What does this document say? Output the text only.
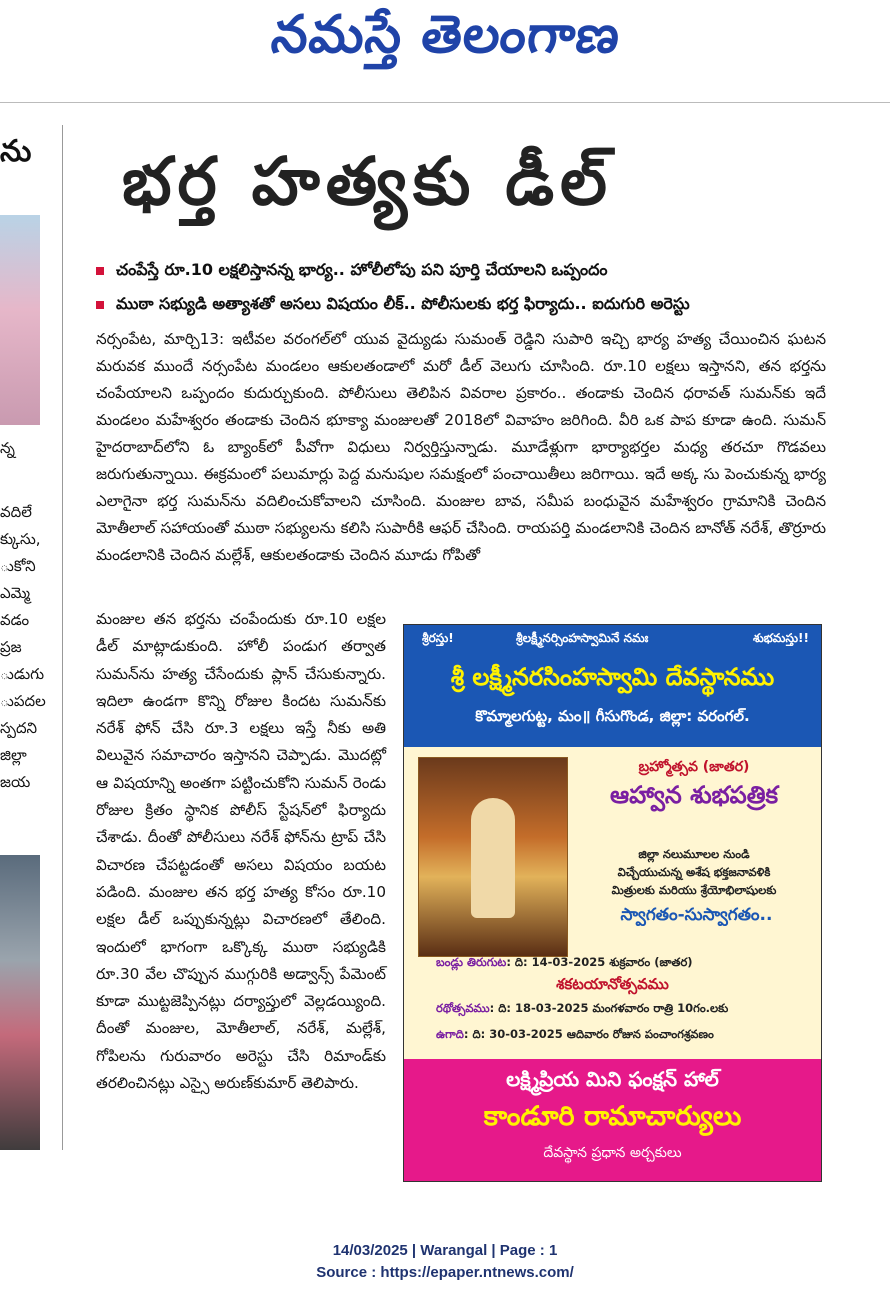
నమస్తే తెలంగాణ
ను
న్న
వదిలే
క్కుసు,
ుకోని
ఎమ్మె
వడం
ప్రజ
ుడుగు
ుపదల
స్పదని
జిల్లా
జయ
భర్త హత్యకు డీల్
చంపేస్తే రూ.10 లక్షలిస్తానన్న భార్య.. హోలీలోపు పని పూర్తి చేయాలని ఒప్పందం
ముఠా సభ్యుడి అత్యాశతో అసలు విషయం లీక్.. పోలీసులకు భర్త ఫిర్యాదు.. ఐదుగురి అరెస్టు

నర్సంపేట, మార్చి13: ఇటీవల వరంగల్‌లో యువ వైద్యుడు సుమంత్ రెడ్డిని సుపారి ఇచ్చి భార్య హత్య చేయించిన ఘటన మరువక ముందే నర్సంపేట మండలం ఆకులతండాలో మరో డీల్ వెలుగు చూసింది. రూ.10 లక్షలు ఇస్తానని, తన భర్తను చంపేయాలని ఒప్పందం కుదుర్చుకుంది. పోలీసులు తెలిపిన వివరాల ప్రకారం.. తండాకు చెందిన ధరావత్ సుమన్‌కు ఇదే మండలం మహేశ్వరం తండాకు చెందిన భూక్యా మంజులతో 2018లో వివాహం జరిగింది. వీరి ఒక పాప కూడా ఉంది. సుమన్ హైదరాబాద్‌లోని ఓ బ్యాంక్‌లో పీవోగా విధులు నిర్వర్తిస్తున్నాడు. మూడేళ్లుగా భార్యాభర్తల మధ్య తరచూ గొడవలు జరుగుతున్నాయి. ఈక్రమంలో పలుమార్లు పెద్ద మనుషుల సమక్షంలో పంచాయితీలు జరిగాయి. ఇదే అక్క సు పెంచుకున్న భార్య ఎలాగైనా భర్త సుమన్‌ను వదిలించుకోవాలని చూసింది. మంజుల బావ, సమీప బంధువైన మహేశ్వరం గ్రామానికి చెందిన మోతీలాల్ సహాయంతో ముఠా సభ్యులను కలిసి సుపారీకి ఆఫర్ చేసింది. రాయపర్తి మండలానికి చెందిన బానోత్ నరేశ్, తొర్రూరు మండలానికి చెందిన మల్లేశ్, ఆకులతండాకు చెందిన మూడు గోపితో

మంజుల తన భర్తను చంపేందుకు రూ.10 లక్షల డీల్ మాట్లాడుకుంది. హోలీ పండుగ తర్వాత సుమన్‌ను హత్య చేసేందుకు ప్లాన్ చేసుకున్నారు. ఇదిలా ఉండగా కొన్ని రోజుల కిందట సుమన్‌కు నరేశ్ ఫోన్ చేసి రూ.3 లక్షలు ఇస్తే నీకు అతి విలువైన సమాచారం ఇస్తానని చెప్పాడు. మొదట్లో ఆ విషయాన్ని అంతగా పట్టించుకోని సుమన్ రెండు రోజుల క్రితం స్థానిక పోలీస్ స్టేషన్‌లో ఫిర్యాదు చేశాడు. దీంతో పోలీసులు నరేశ్ ఫోన్‌ను ట్రాప్ చేసి విచారణ చేపట్టడంతో అసలు విషయం బయట పడింది. మంజుల తన భర్త హత్య కోసం రూ.10 లక్షల డీల్ ఒప్పుకున్నట్లు విచారణలో తేలింది. ఇందులో భాగంగా ఒక్కొక్క ముఠా సభ్యుడికి రూ.30 వేల చొప్పున ముగ్గురికి అడ్వాన్స్ పేమెంట్ కూడా ముట్టజెప్పినట్లు దర్యాప్తులో వెల్లడయ్యింది. దీంతో మంజుల, మోతీలాల్, నరేశ్, మల్లేశ్, గోపిలను గురువారం అరెస్టు చేసి రిమాండ్‌కు తరలించినట్లు ఎస్సై అరుణ్‌కుమార్ తెలిపారు.

శ్రీరస్తు!	శ్రీలక్ష్మీనర్సింహస్వామినే నమః	శుభమస్తు!!
శ్రీ లక్ష్మీనరసింహస్వామి దేవస్థానము
కొమ్మాలగుట్ట, మం॥ గీసుగొండ, జిల్లా: వరంగల్.
బ్రహ్మోత్సవ (జాతర)
ఆహ్వాన శుభపత్రిక
జిల్లా నలుమూలల నుండి
విచ్చేయుచున్న అశేష భక్తజనావళికి
మిత్రులకు మరియు శ్రేయోభిలాషులకు
స్వాగతం-సుస్వాగతం..
బండ్లు తిరుగుట: ది: 14-03-2025 శుక్రవారం (జాతర)
శకటయానోత్సవము
రథోత్సవము: ది: 18-03-2025 మంగళవారం రాత్రి 10గం.లకు
ఉగాది: ది: 30-03-2025 ఆదివారం రోజున పంచాంగశ్రవణం
లక్ష్మిప్రియ మిని ఫంక్షన్ హాల్
కాండూరి రామాచార్యులు
దేవస్థాన ప్రధాన అర్చకులు
14/03/2025 | Warangal | Page : 1
Source : https://epaper.ntnews.com/
